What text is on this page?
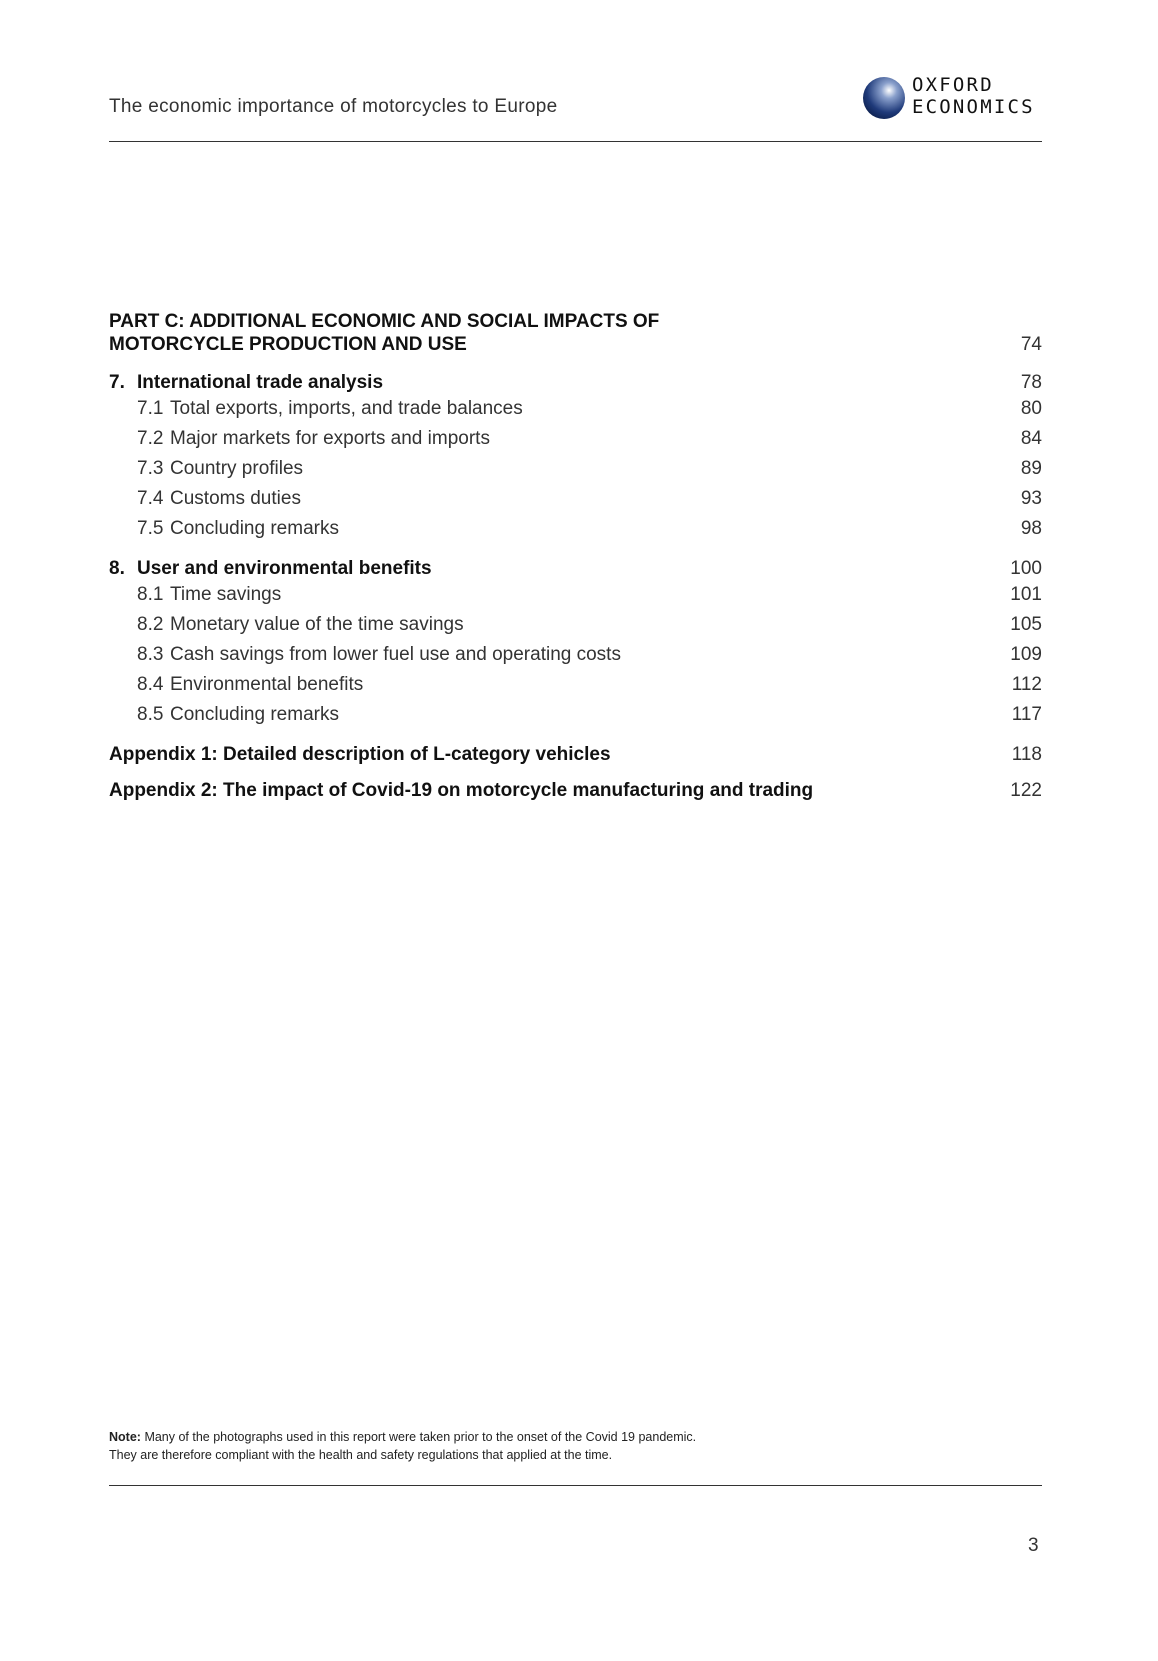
The economic importance of motorcycles to Europe
OXFORD
ECONOMICS
PART C: ADDITIONAL ECONOMIC AND SOCIAL IMPACTS OF
MOTORCYCLE PRODUCTION AND USE	74
7. International trade analysis	78
7.1 Total exports, imports, and trade balances	80
7.2 Major markets for exports and imports	84
7.3 Country profiles	89
7.4 Customs duties	93
7.5 Concluding remarks	98
8. User and environmental benefits	100
8.1 Time savings	101
8.2 Monetary value of the time savings	105
8.3 Cash savings from lower fuel use and operating costs	109
8.4 Environmental benefits	112
8.5 Concluding remarks	117
Appendix 1: Detailed description of L-category vehicles	118
Appendix 2: The impact of Covid-19 on motorcycle manufacturing and trading	122
Note: Many of the photographs used in this report were taken prior to the onset of the Covid 19 pandemic.
They are therefore compliant with the health and safety regulations that applied at the time.
3
